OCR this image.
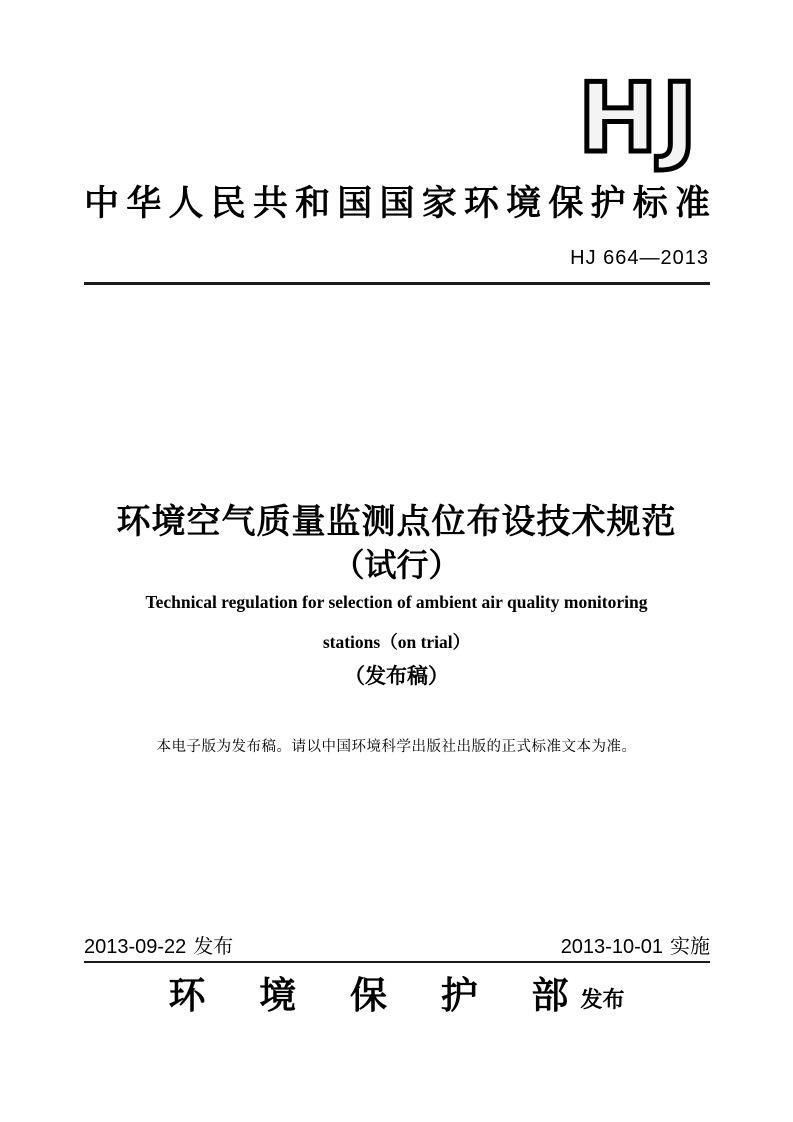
HJ
中华人民共和国国家环境保护标准
HJ 664—2013
环境空气质量监测点位布设技术规范
（试行）
Technical regulation for selection of ambient air quality monitoring
stations（on trial）
（发布稿）
本电子版为发布稿。请以中国环境科学出版社出版的正式标准文本为准。
2013-09-22 发布	2013-10-01 实施
环境保护部 发布
